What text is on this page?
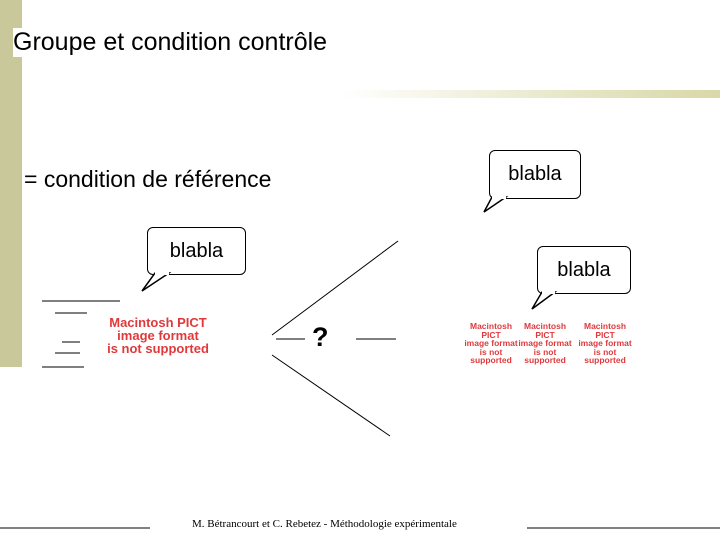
Groupe et condition contrôle
= condition de référence	blabla
blabla
blabla
Macintosh PICT
image format
is not supported
Macintosh PICT
image format
is not supported
Macintosh PICT
image format
is not supported
Macintosh PICT
image format
is not supported
?
M. Bétrancourt et C. Rebetez - Méthodologie expérimentale
